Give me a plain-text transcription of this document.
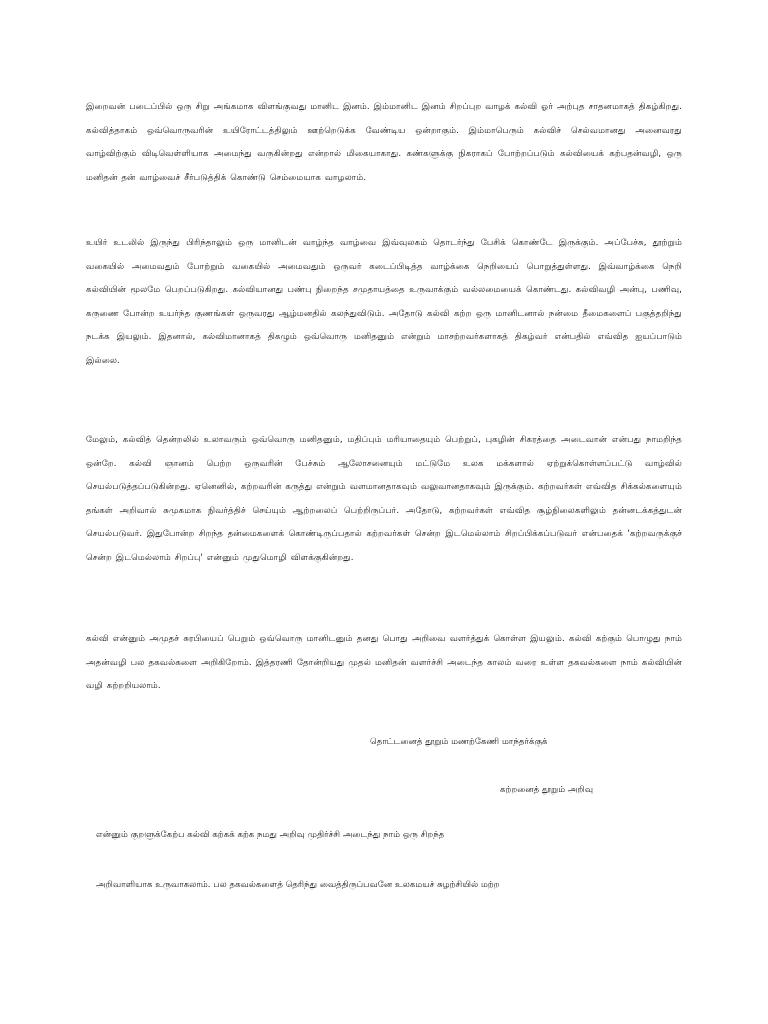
இறைவன் படைப்பில் ஒரு சிறு அங்கமாக விளங்குவது மானிட இனம். இம்மானிட இனம் சிறப்புற வாழக் கல்வி ஓர் அற்புத சாதனமாகத் திகழ்கிறது. கல்வித்தாகம் ஒவ்வொருவரின் உயிரோட்டத்திலும் ஊற்றெடுக்க வேண்டிய ஒன்றாகும். இம்மாபெரும் கல்விச் செல்வமானது அனைவரது வாழ்விற்கும் விடிவெள்ளியாக அமைந்து வருகின்றது என்றால் மிகையாகாது. கண்களுக்கு நிகராகப் போற்றப்படும் கல்வியைக் கற்பதன்வழி, ஒரு மனிதன் தன் வாழ்வைச் சீர்படுத்திக் கொண்டு செம்மையாக வாழலாம்.

உயிர் உடலில் இருந்து பிரிந்தாலும் ஒரு மானிடன் வாழ்ந்த வாழ்வை இவ்வுலகம் தொடர்ந்து பேசிக் கொண்டே இருக்கும். அப்பேச்சு, தூற்றும் வகையில் அமைவதும் போற்றும் வகையில் அமைவதும் ஒருவர் கடைப்பிடித்த வாழ்க்கை நெறியைப் பொறுத்துள்ளது. இவ்வாழ்க்கை நெறி கல்வியின் மூலமே பெறப்படுகிறது. கல்வியானது பண்பு நிறைந்த சமுதாயத்தை உருவாக்கும் வல்லமையைக் கொண்டது. கல்விவழி அன்பு, பணிவு, கருணை போன்ற உயர்ந்த குணங்கள் ஒருவரது ஆழ்மனதில் கலந்துவிடும். அதோடு கல்வி கற்ற ஒரு மானிடனால் நன்மை தீமைகளைப் பகுத்தறிந்து நடக்க இயலும். இதனால், கல்விமானாகத் திகழும் ஒவ்வொரு மனிதனும் என்றும் மாசற்றவர்களாகத் திகழ்வர் என்பதில் எவ்வித ஐயப்பாடும் இல்லை.

மேலும், கல்வித் தென்றலில் உலாவரும் ஒவ்வொரு மனிதனும், மதிப்பும் மரியாதையும் பெற்றுப், புகழின் சிகரத்தை அடைவான் என்பது நாமறிந்த ஒன்றே. கல்வி ஞானம் பெற்ற ஒருவரின் பேச்சும் ஆலோசனையும் மட்டுமே உலக மக்களால் ஏற்றுக்கொள்ளப்பட்டு வாழ்வில் செயல்படுத்தப்படுகின்றது. ஏனெனில், கற்றவரின் கருத்து என்றும் வளமானதாகவும் வலுவானதாகவும் இருக்கும். கற்றவர்கள் எவ்வித சிக்கல்களையும் தங்கள் அறிவால் சுமுகமாக நிவர்த்திச் செய்யும் ஆற்றலைப் பெற்றிருப்பர். அதோடு, கற்றவர்கள் எவ்வித சூழ்நிலைகளிலும் தன்னடக்கத்துடன் செயல்படுவர். இதுபோன்ற சிறந்த தன்மைகளைக் கொண்டிருப்பதால் கற்றவர்கள் சென்ற இடமெல்லாம் சிறப்பிக்கப்படுவர் என்பதைக் 'கற்றவருக்குச் சென்ற இடமெல்லாம் சிறப்பு' என்னும் முதுமொழி விளக்குகின்றது.

கல்வி என்னும் அமுதச் சுரபியைப் பெறும் ஒவ்வொரு மானிடனும் தனது பொது அறிவை வளர்த்துக் கொள்ள இயலும். கல்வி கற்கும் பொழுது நாம் அதன்வழி பல தகவல்களை அறிகிறோம். இத்தரணி தோன்றியது முதல் மனிதன் வளர்ச்சி அடைந்த காலம் வரை உள்ள தகவல்களை நாம் கல்வியின் வழி கற்றறியலாம்.

தொட்டனைத் தூறும் மணற்கேணி மாந்தர்க்குக்

கற்றனைத் தூறும் அறிவு

என்னும் குறளுக்கேற்ப கல்வி கற்கக் கற்க நமது அறிவு முதிர்ச்சி அடைந்து நாம் ஒரு சிறந்த

அறிவாளியாக உருவாகலாம். பல தகவல்களைத் தெரிந்து வைத்திருப்பவனே உலகமயச் சுழற்சியில் மற்ற
